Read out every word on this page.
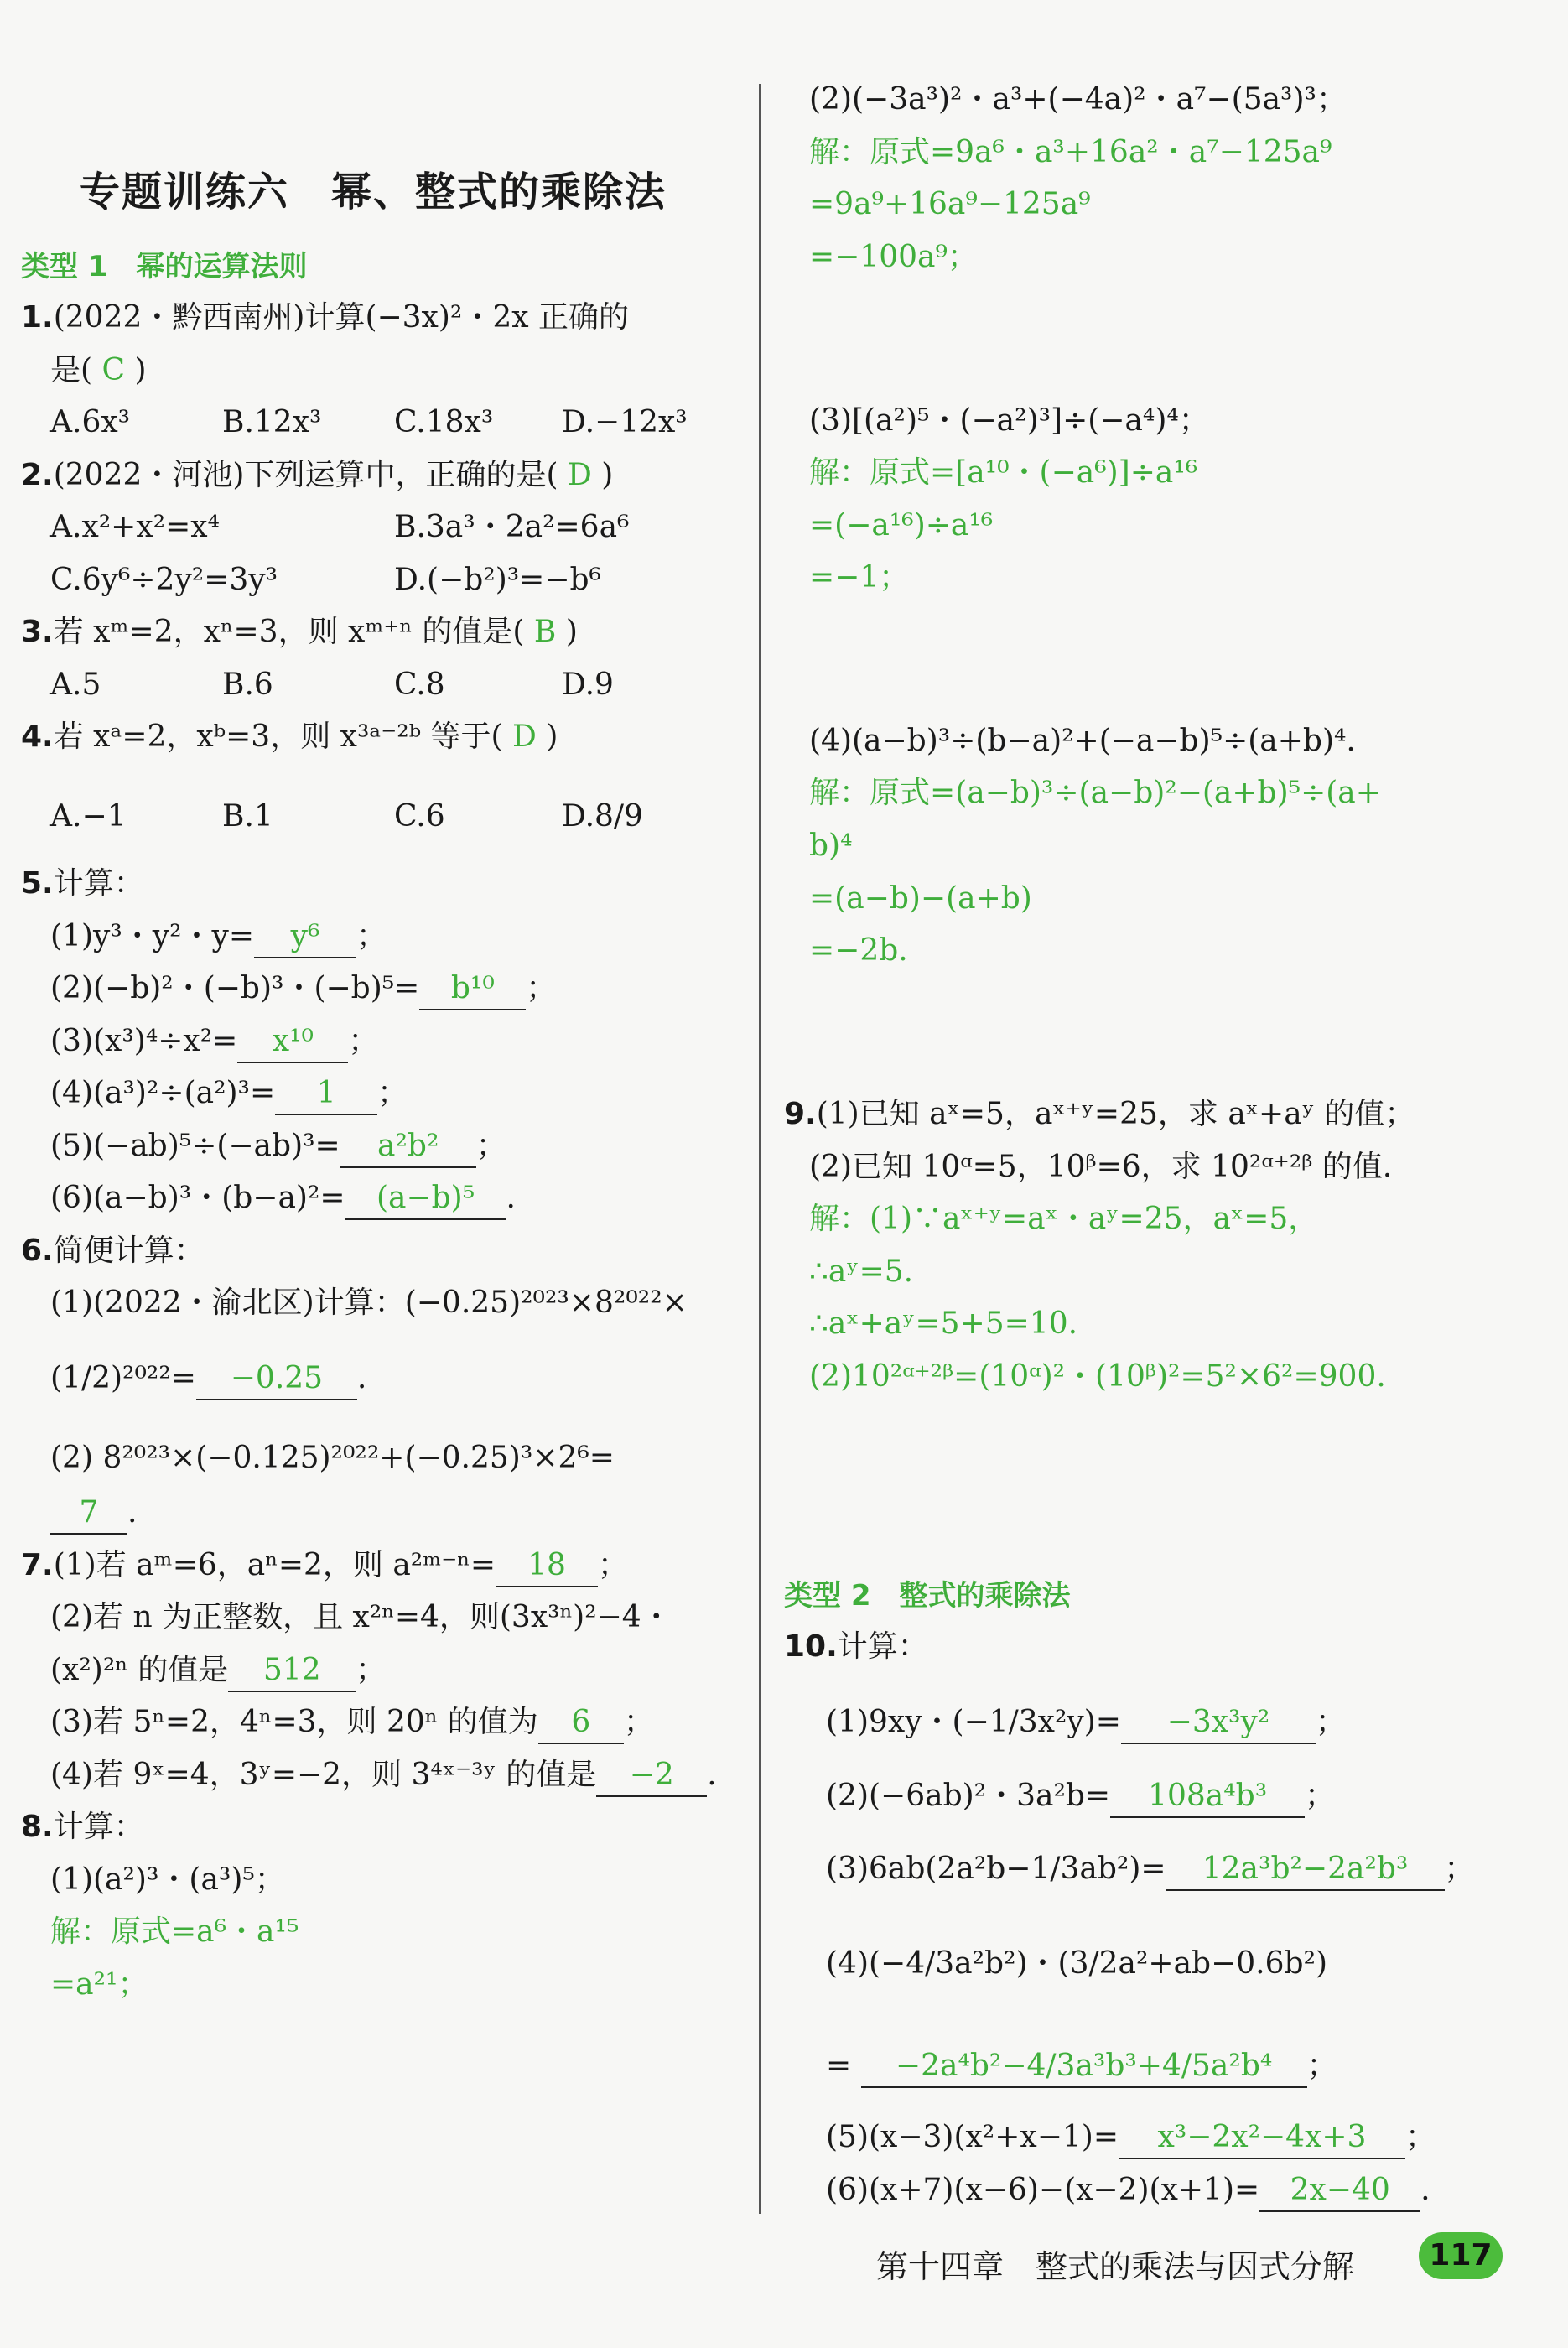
专题训练六　幂、整式的乘除法
类型 1　幂的运算法则
1.(2022・黔西南州)计算(−3x)²・2x 正确的
是( C )
A.6x³	B.12x³ C.18x³ D.−12x³
2.(2022・河池)下列运算中，正确的是( D )
A.x²+x²=x⁴	B.3a³・2a²=6a⁶
C.6y⁶÷2y²=3y³	D.(−b²)³=−b⁶
3.若 xᵐ=2，xⁿ=3，则 xᵐ⁺ⁿ 的值是( B )
A.5	B.6	C.8	D.9
4.若 xᵃ=2，xᵇ=3，则 x³ᵃ⁻²ᵇ 等于( D )
A.−1	B.1	C.6	D.8/9
5.计算：
(1)y³・y²・y= y⁶ ；
(2)(−b)²・(−b)³・(−b)⁵= b¹⁰ ；
(3)(x³)⁴÷x²= x¹⁰ ；
(4)(a³)²÷(a²)³= 1 ；
(5)(−ab)⁵÷(−ab)³= a²b² ；
(6)(a−b)³・(b−a)²= (a−b)⁵ .
6.简便计算：
(1)(2022・渝北区)计算：(−0.25)²⁰²³×8²⁰²²×
(1/2)²⁰²²= −0.25 .
(2) 8²⁰²³×(−0.125)²⁰²²+(−0.25)³×2⁶=
7 .
7.(1)若 aᵐ=6，aⁿ=2，则 a²ᵐ⁻ⁿ= 18 ；
(2)若 n 为正整数，且 x²ⁿ=4，则(3x³ⁿ)²−4・
(x²)²ⁿ 的值是 512 ；
(3)若 5ⁿ=2，4ⁿ=3，则 20ⁿ 的值为 6 ；
(4)若 9ˣ=4，3ʸ=−2，则 3⁴ˣ⁻³ʸ 的值是 −2 .
8.计算：
(1)(a²)³・(a³)⁵；
解：原式=a⁶・a¹⁵
=a²¹；
(2)(−3a³)²・a³+(−4a)²・a⁷−(5a³)³；
解：原式=9a⁶・a³+16a²・a⁷−125a⁹
=9a⁹+16a⁹−125a⁹
=−100a⁹；
(3)[(a²)⁵・(−a²)³]÷(−a⁴)⁴；
解：原式=[a¹⁰・(−a⁶)]÷a¹⁶
=(−a¹⁶)÷a¹⁶
=−1；
(4)(a−b)³÷(b−a)²+(−a−b)⁵÷(a+b)⁴.
解：原式=(a−b)³÷(a−b)²−(a+b)⁵÷(a+
b)⁴
=(a−b)−(a+b)
=−2b.
9.(1)已知 aˣ=5，aˣ⁺ʸ=25，求 aˣ+aʸ 的值；
(2)已知 10ᵅ=5，10ᵝ=6，求 10²ᵅ⁺²ᵝ 的值.
解：(1)∵aˣ⁺ʸ=aˣ・aʸ=25，aˣ=5，
∴aʸ=5.
∴aˣ+aʸ=5+5=10.
(2)10²ᵅ⁺²ᵝ=(10ᵅ)²・(10ᵝ)²=5²×6²=900.
类型 2　整式的乘除法
10.计算：
(1)9xy・(−1/3x²y)= −3x³y² ；
(2)(−6ab)²・3a²b= 108a⁴b³ ；
(3)6ab(2a²b−1/3ab²)= 12a³b²−2a²b³ ；
(4)(−4/3a²b²)・(3/2a²+ab−0.6b²)
= −2a⁴b²−4/3a³b³+4/5a²b⁴ ；
(5)(x−3)(x²+x−1)= x³−2x²−4x+3 ；
(6)(x+7)(x−6)−(x−2)(x+1)= 2x−40 .
第十四章　整式的乘法与因式分解	117
